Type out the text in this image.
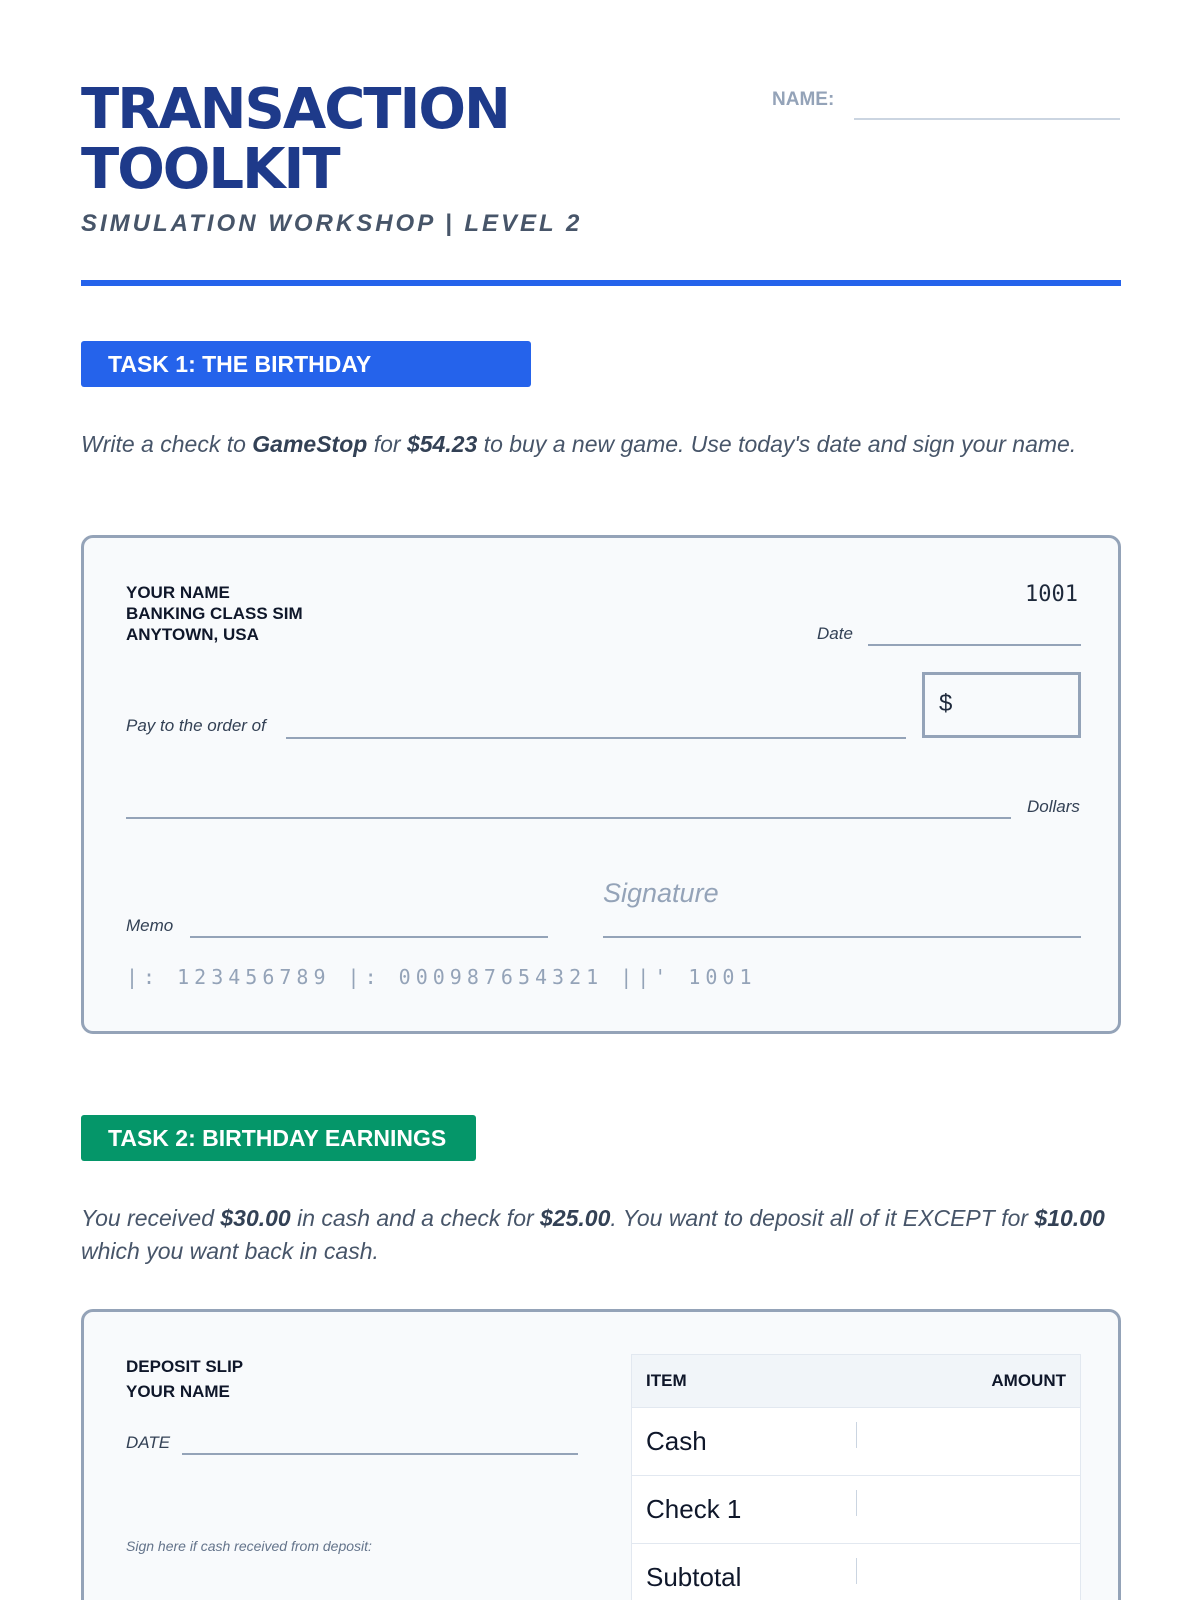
TRANSACTION
TOOLKIT
SIMULATION WORKSHOP | LEVEL 2
NAME:
TASK 1: THE BIRTHDAY PURCHASE
Write a check to GameStop for $54.23 to buy a new game. Use today's date and sign your name.
YOUR NAME
BANKING CLASS SIM
ANYTOWN, USA
1001
Date
$
Pay to the order of
Dollars
Signature
Memo
|: 123456789 |: 000987654321 ||' 1001
TASK 2: BIRTHDAY EARNINGS
You received $30.00 in cash and a check for $25.00. You want to deposit all of it EXCEPT for $10.00 which you want back in cash.
DEPOSIT SLIP
YOUR NAME
DATE
Sign here if cash received from deposit:
ITEM	AMOUNT
Cash
Check 1
Subtotal
